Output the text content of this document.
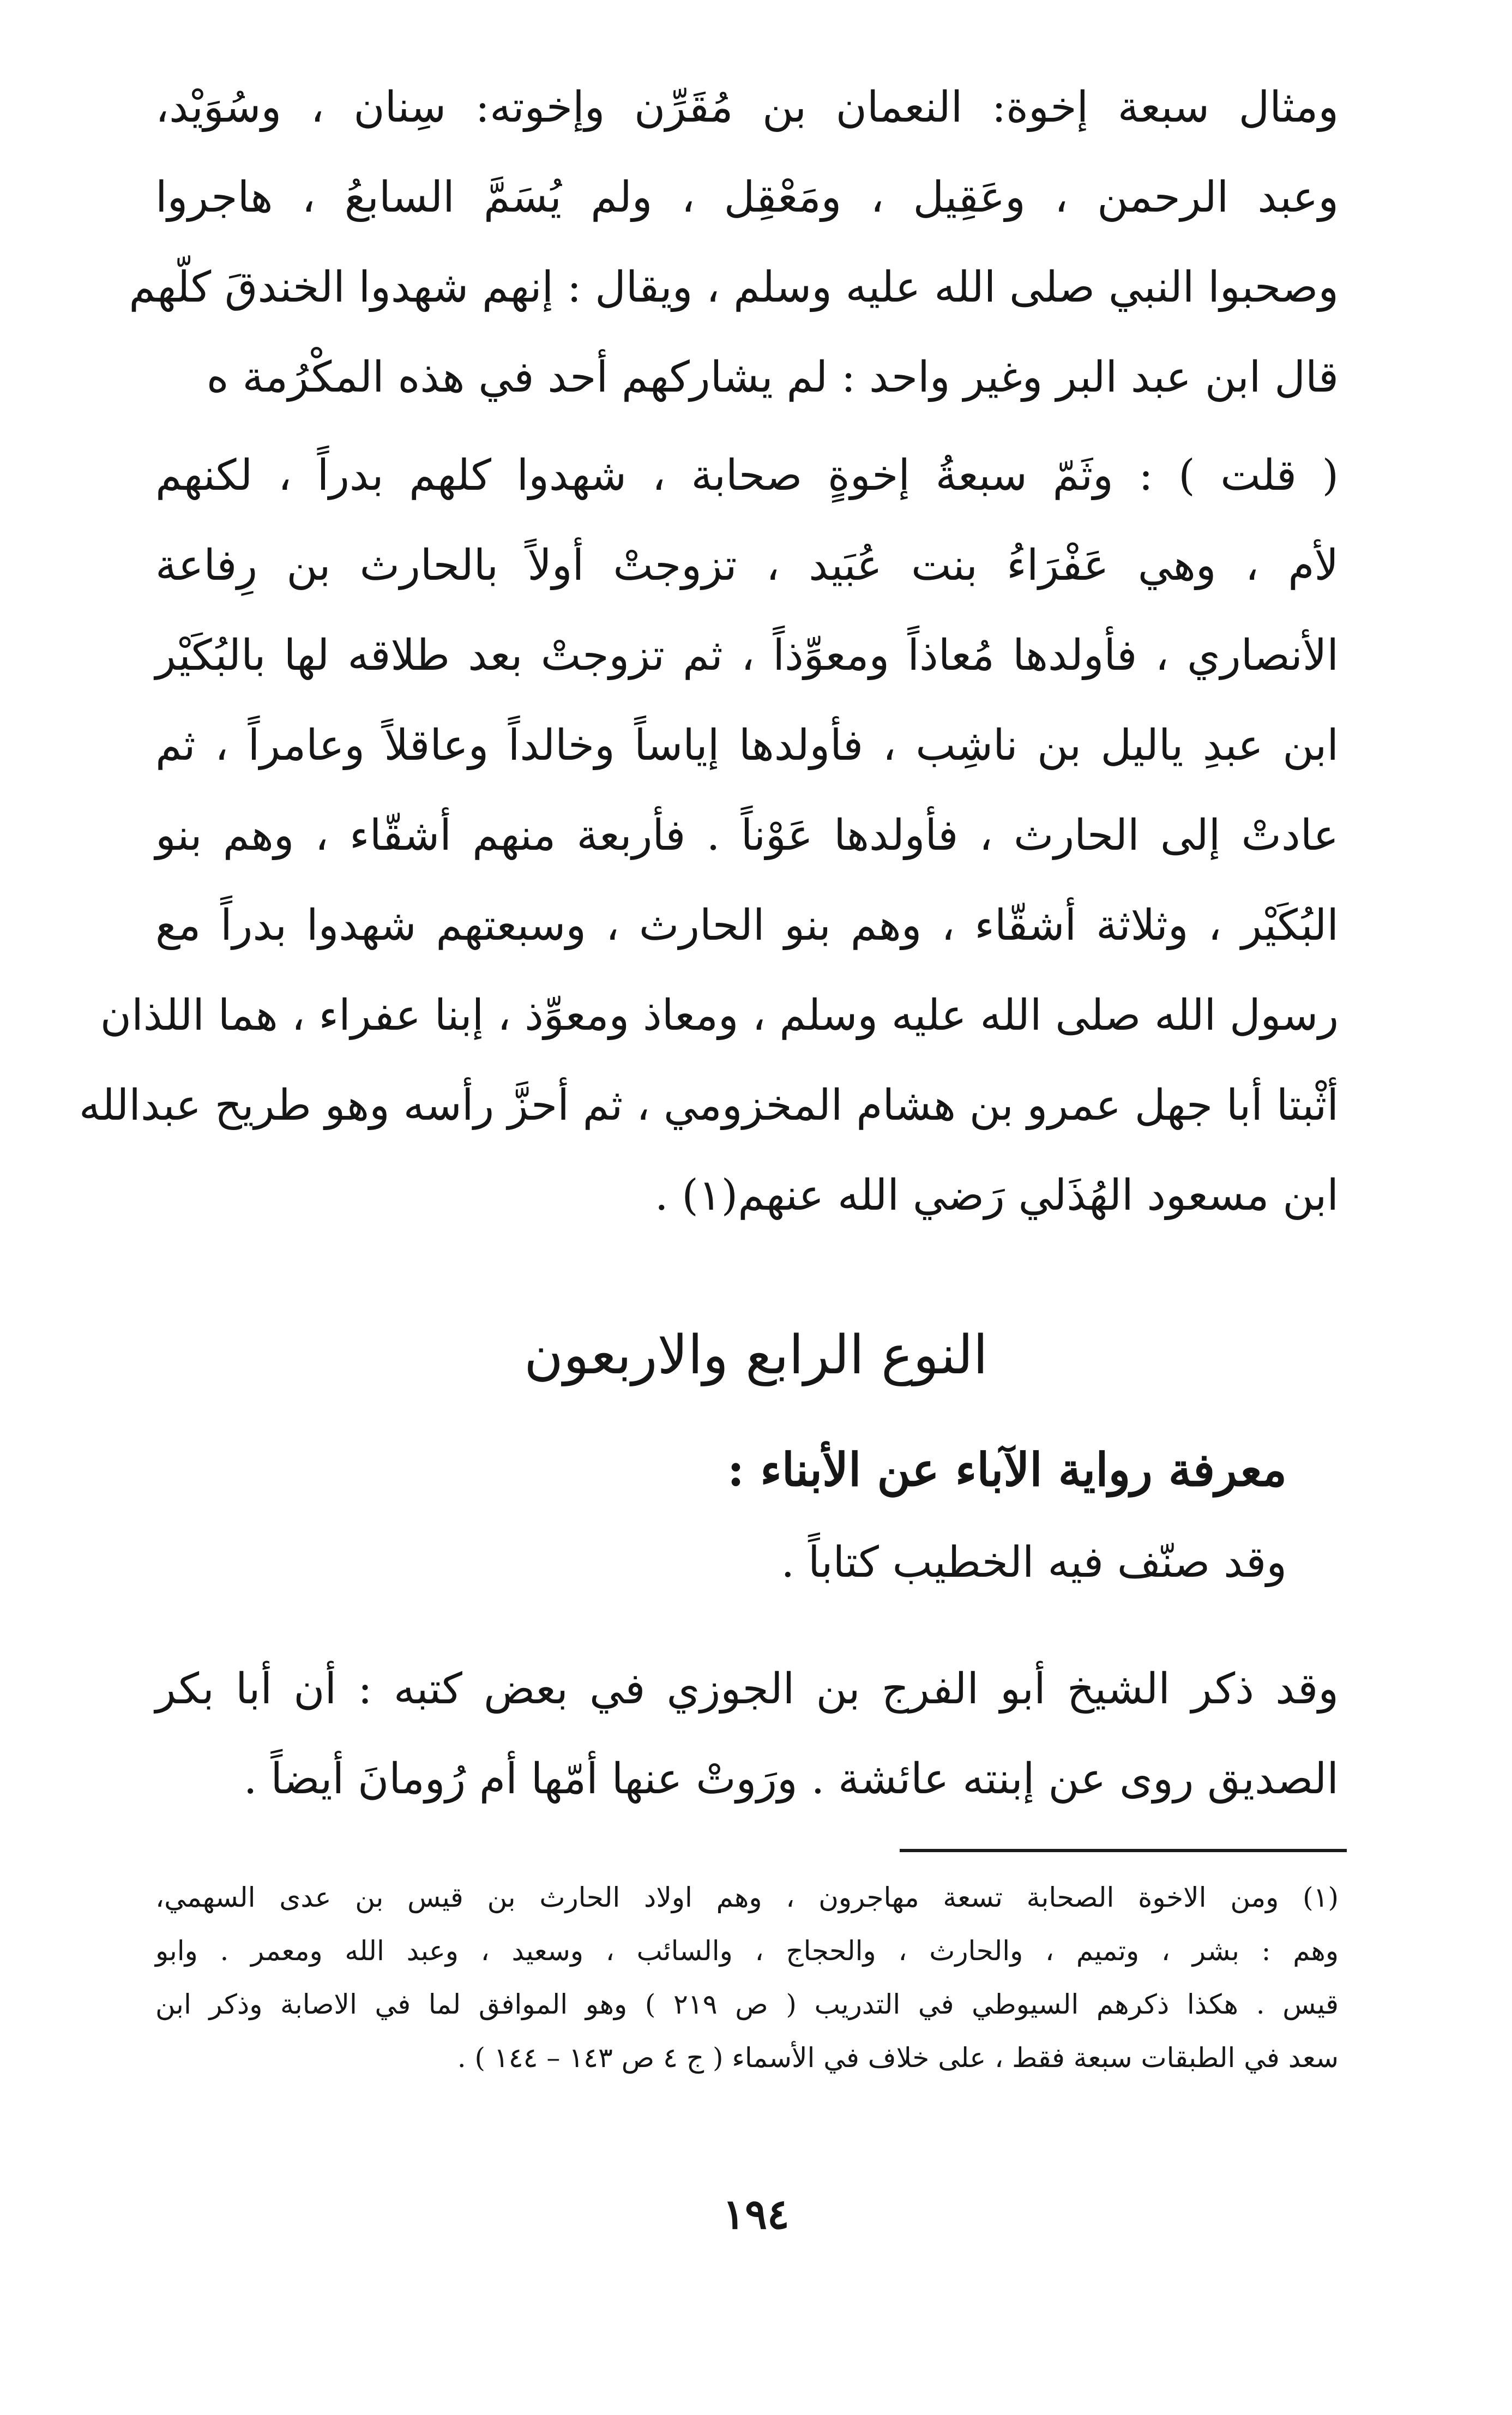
ومثال سبعة إخوة: النعمان بن مُقَرِّن وإخوته: سِنان ، وسُوَيْد،
وعبد الرحمن ، وعَقِيل ، ومَعْقِل ، ولم يُسَمَّ السابعُ ، هاجروا
وصحبوا النبي صلى الله عليه وسلم ، ويقال : إنهم شهدوا الخندقَ كلّهم
قال ابن عبد البر وغير واحد : لم يشاركهم أحد في هذه المكْرُمة ه
( قلت ) : وثَمّ سبعةُ إخوةٍ صحابة ، شهدوا كلهم بدراً ، لكنهم
لأم ، وهي عَفْرَاءُ بنت عُبَيد ، تزوجتْ أولاً بالحارث بن رِفاعة
الأنصاري ، فأولدها مُعاذاً ومعوِّذاً ، ثم تزوجتْ بعد طلاقه لها بالبُكَيْر
ابن عبدِ ياليل بن ناشِب ، فأولدها إياساً وخالداً وعاقلاً وعامراً ، ثم
عادتْ إلى الحارث ، فأولدها عَوْناً . فأربعة منهم أشقّاء ، وهم بنو
البُكَيْر ، وثلاثة أشقّاء ، وهم بنو الحارث ، وسبعتهم شهدوا بدراً مع
رسول الله صلى الله عليه وسلم ، ومعاذ ومعوِّذ ، إبنا عفراء ، هما اللذان
أثْبتا أبا جهل عمرو بن هشام المخزومي ، ثم أحزَّ رأسه وهو طريح عبدالله
ابن مسعود الهُذَلي رَضي الله عنهم(١) .
النوع الرابع والاربعون
معرفة رواية الآباء عن الأبناء :
وقد صنّف فيه الخطيب كتاباً .
وقد ذكر الشيخ أبو الفرج بن الجوزي في بعض كتبه : أن أبا بكر
الصديق روى عن إبنته عائشة . ورَوتْ عنها أمّها أم رُومانَ أيضاً .
(١) ومن الاخوة الصحابة تسعة مهاجرون ، وهم اولاد الحارث بن قيس بن عدى السهمي،
وهم : بشر ، وتميم ، والحارث ، والحجاج ، والسائب ، وسعيد ، وعبد الله ومعمر . وابو
قيس . هكذا ذكرهم السيوطي في التدريب ( ص ٢١٩ ) وهو الموافق لما في الاصابة وذكر ابن
سعد في الطبقات سبعة فقط ، على خلاف في الأسماء ( ج ٤ ص ١٤٣ – ١٤٤ ) .
١٩٤
